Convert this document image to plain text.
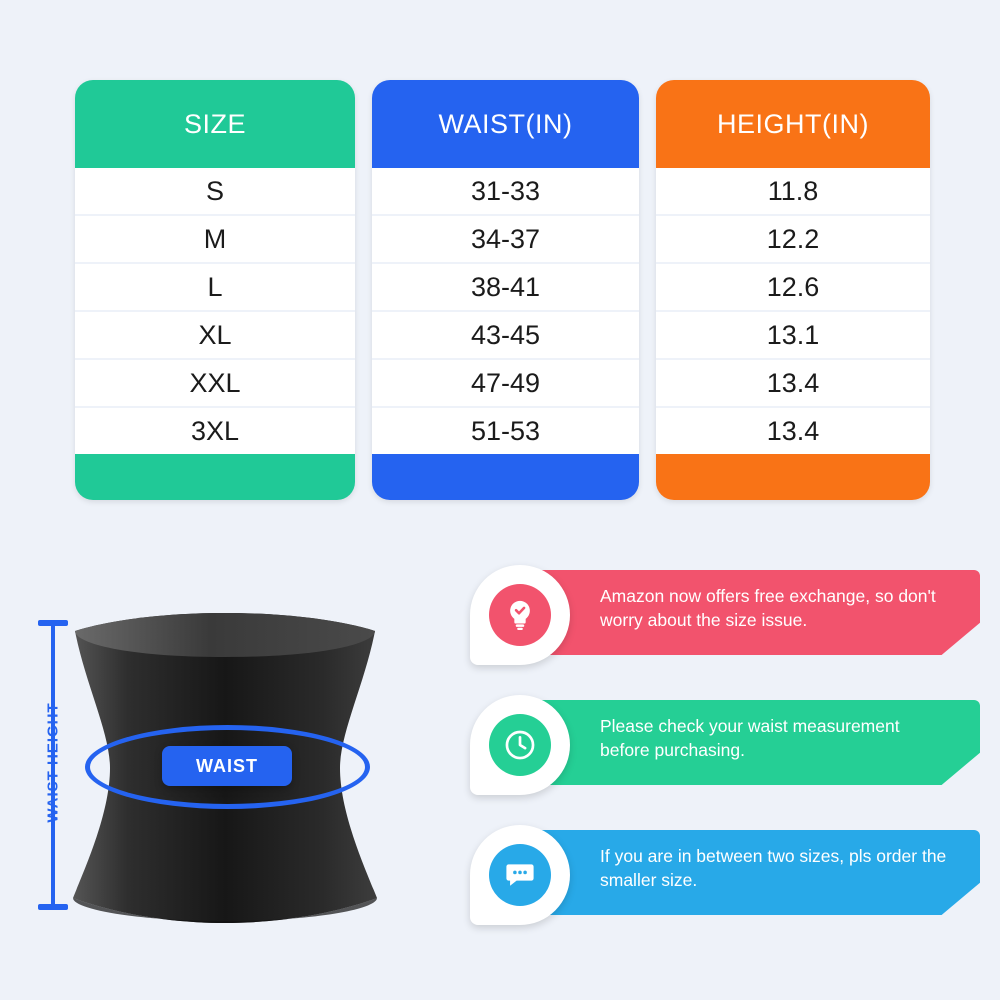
SIZE
S
M
L
XL
XXL
3XL
WAIST(IN)
31-33
34-37
38-41
43-45
47-49
51-53
HEIGHT(IN)
11.8
12.2
12.6
13.1
13.4
13.4
WAIST HEIGHT	WAIST
Amazon now offers free exchange, so don't worry about the size issue.
Please check your waist measurement before purchasing.
If you are in between two sizes, pls order the smaller size.
